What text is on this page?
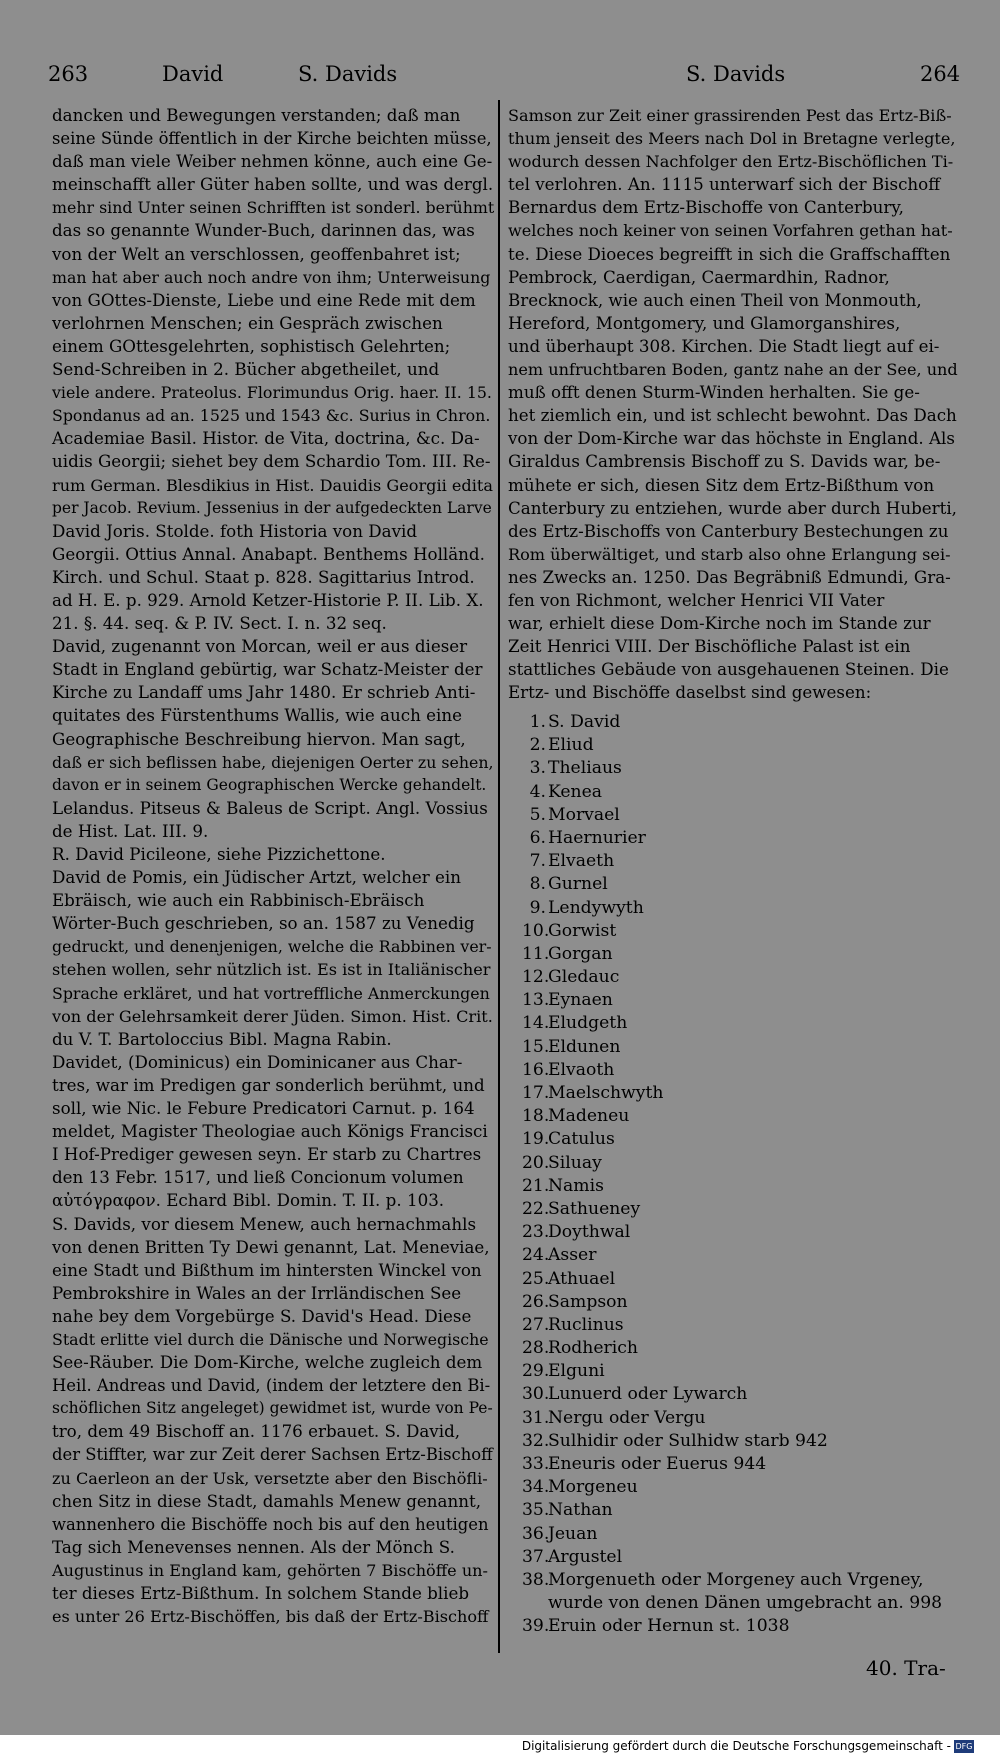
263	David	S. Davids	S. Davids	264

dancken und Bewegungen verstanden; daß man

seine Sünde öffentlich in der Kirche beichten müsse,

daß man viele Weiber nehmen könne, auch eine Ge-

meinschafft aller Güter haben sollte, und was dergl.

mehr sind Unter seinen Schrifften ist sonderl. berühmt

das so genannte Wunder-Buch, darinnen das, was

von der Welt an verschlossen, geoffenbahret ist;

man hat aber auch noch andre von ihm; Unterweisung

von GOttes-Dienste, Liebe und eine Rede mit dem

verlohrnen Menschen; ein Gespräch zwischen

einem GOttesgelehrten, sophistisch Gelehrten;

Send-Schreiben in 2. Bücher abgetheilet, und

viele andere. Prateolus. Florimundus Orig. haer. II. 15.

Spondanus ad an. 1525 und 1543 &c. Surius in Chron.

Academiae Basil. Histor. de Vita, doctrina, &c. Da-

uidis Georgii; siehet bey dem Schardio Tom. III. Re-

rum German. Blesdikius in Hist. Dauidis Georgii edita

per Jacob. Revium. Jessenius in der aufgedeckten Larve

David Joris. Stolde. foth Historia von David

Georgii. Ottius Annal. Anabapt. Benthems Holländ.

Kirch. und Schul. Staat p. 828. Sagittarius Introd.

ad H. E. p. 929. Arnold Ketzer-Historie P. II. Lib. X.

21. §. 44. seq. & P. IV. Sect. I. n. 32 seq.

David, zugenannt von Morcan, weil er aus dieser

Stadt in England gebürtig, war Schatz-Meister der

Kirche zu Landaff ums Jahr 1480. Er schrieb Anti-

quitates des Fürstenthums Wallis, wie auch eine

Geographische Beschreibung hiervon. Man sagt,

daß er sich beflissen habe, diejenigen Oerter zu sehen,

davon er in seinem Geographischen Wercke gehandelt.

Lelandus. Pitseus & Baleus de Script. Angl. Vossius

de Hist. Lat. III. 9.

R. David Picileone, siehe Pizzichettone.

David de Pomis, ein Jüdischer Artzt, welcher ein

Ebräisch, wie auch ein Rabbinisch-Ebräisch

Wörter-Buch geschrieben, so an. 1587 zu Venedig

gedruckt, und denenjenigen, welche die Rabbinen ver-

stehen wollen, sehr nützlich ist. Es ist in Italiänischer

Sprache erkläret, und hat vortreffliche Anmerckungen

von der Gelehrsamkeit derer Jüden. Simon. Hist. Crit.

du V. T. Bartoloccius Bibl. Magna Rabin.

Davidet, (Dominicus) ein Dominicaner aus Char-

tres, war im Predigen gar sonderlich berühmt, und

soll, wie Nic. le Febure Predicatori Carnut. p. 164

meldet, Magister Theologiae auch Königs Francisci

I Hof-Prediger gewesen seyn. Er starb zu Chartres

den 13 Febr. 1517, und ließ Concionum volumen

αὐτόγραφον. Echard Bibl. Domin. T. II. p. 103.

S. Davids, vor diesem Menew, auch hernachmahls

von denen Britten Ty Dewi genannt, Lat. Meneviae,

eine Stadt und Bißthum im hintersten Winckel von

Pembrokshire in Wales an der Irrländischen See

nahe bey dem Vorgebürge S. David's Head. Diese

Stadt erlitte viel durch die Dänische und Norwegische

See-Räuber. Die Dom-Kirche, welche zugleich dem

Heil. Andreas und David, (indem der letztere den Bi-

schöflichen Sitz angeleget) gewidmet ist, wurde von Pe-

tro, dem 49 Bischoff an. 1176 erbauet. S. David,

der Stiffter, war zur Zeit derer Sachsen Ertz-Bischoff

zu Caerleon an der Usk, versetzte aber den Bischöfli-

chen Sitz in diese Stadt, damahls Menew genannt,

wannenhero die Bischöffe noch bis auf den heutigen

Tag sich Menevenses nennen. Als der Mönch S.

Augustinus in England kam, gehörten 7 Bischöffe un-

ter dieses Ertz-Bißthum. In solchem Stande blieb

es unter 26 Ertz-Bischöffen, bis daß der Ertz-Bischoff

Samson zur Zeit einer grassirenden Pest das Ertz-Biß-

thum jenseit des Meers nach Dol in Bretagne verlegte,

wodurch dessen Nachfolger den Ertz-Bischöflichen Ti-

tel verlohren. An. 1115 unterwarf sich der Bischoff

Bernardus dem Ertz-Bischoffe von Canterbury,

welches noch keiner von seinen Vorfahren gethan hat-

te. Diese Dioeces begreifft in sich die Graffschafften

Pembrock, Caerdigan, Caermardhin, Radnor,

Brecknock, wie auch einen Theil von Monmouth,

Hereford, Montgomery, und Glamorganshires,

und überhaupt 308. Kirchen. Die Stadt liegt auf ei-

nem unfruchtbaren Boden, gantz nahe an der See, und

muß offt denen Sturm-Winden herhalten. Sie ge-

het ziemlich ein, und ist schlecht bewohnt. Das Dach

von der Dom-Kirche war das höchste in England. Als

Giraldus Cambrensis Bischoff zu S. Davids war, be-

mühete er sich, diesen Sitz dem Ertz-Bißthum von

Canterbury zu entziehen, wurde aber durch Huberti,

des Ertz-Bischoffs von Canterbury Bestechungen zu

Rom überwältiget, und starb also ohne Erlangung sei-

nes Zwecks an. 1250. Das Begräbniß Edmundi, Gra-

fen von Richmont, welcher Henrici VII Vater

war, erhielt diese Dom-Kirche noch im Stande zur

Zeit Henrici VIII. Der Bischöfliche Palast ist ein

stattliches Gebäude von ausgehauenen Steinen. Die

Ertz- und Bischöffe daselbst sind gewesen:

1. S. David
2. Eliud
3. Theliaus
4. Kenea
5. Morvael
6. Haernurier
7. Elvaeth
8. Gurnel
9. Lendywyth
10.Gorwist
11.Gorgan
12.Gledauc
13.Eynaen
14.Eludgeth
15.Eldunen
16.Elvaoth
17.Maelschwyth
18.Madeneu
19.Catulus
20.Siluay
21.Namis
22.Sathueney
23.Doythwal
24.Asser
25.Athuael
26.Sampson
27.Ruclinus
28.Rodherich
29.Elguni
30.Lunuerd oder Lywarch
31.Nergu oder Vergu
32.Sulhidir oder Sulhidw starb 942
33.Eneuris oder Euerus 944
34.Morgeneu
35.Nathan
36.Jeuan
37.Argustel
38.Morgenueth oder Morgeney auch Vrgeney,
wurde von denen Dänen umgebracht an. 998
39.Eruin oder Hernun st. 1038
40. Tra-
Digitalisierung gefördert durch die Deutsche Forschungsgemeinschaft - DFG
